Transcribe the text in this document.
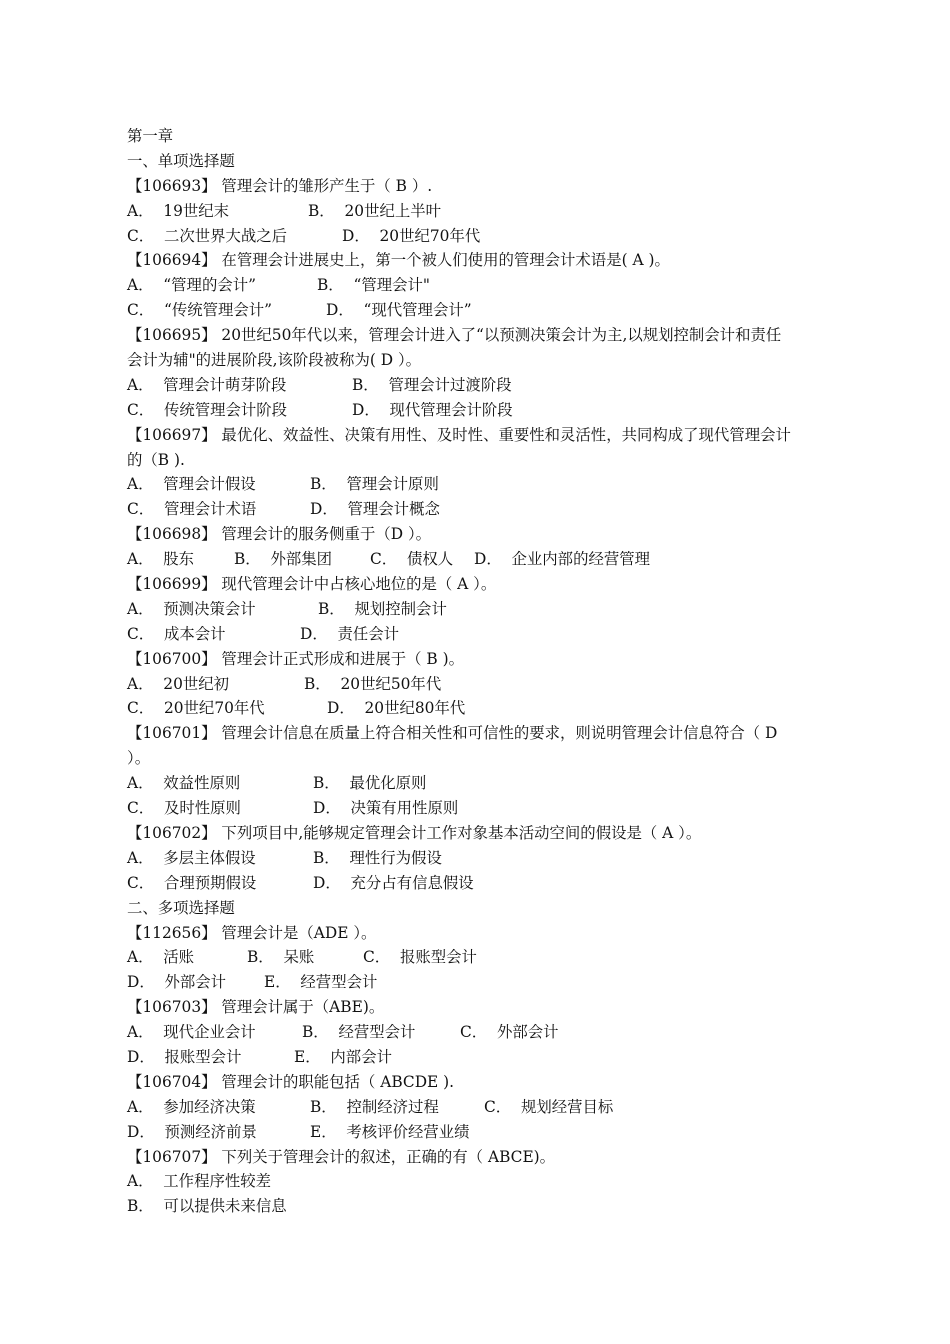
第一章
一、单项选择题
【106693】 管理会计的雏形产生于（ B ）.
A．  19世纪末	B．  20世纪上半叶
C．  二次世界大战之后	D．  20世纪70年代
【106694】 在管理会计进展史上，第一个被人们使用的管理会计术语是( A )。
A．  “管理的会计”	B．  “管理会计"
C．  “传统管理会计”	D．  “现代管理会计”
【106695】 20世纪50年代以来，管理会计进入了“以预测决策会计为主,以规划控制会计和责任
会计为辅"的进展阶段,该阶段被称为( D ）。
A．  管理会计萌芽阶段	B．  管理会计过渡阶段
C．  传统管理会计阶段	D．  现代管理会计阶段
【106697】 最优化、效益性、决策有用性、及时性、重要性和灵活性，共同构成了现代管理会计
的（B ).
A．  管理会计假设	B．  管理会计原则
C．  管理会计术语	D．  管理会计概念
【106698】 管理会计的服务侧重于（D ）。
A．  股东	B．  外部集团 C．  债权人 D．  企业内部的经营管理
【106699】 现代管理会计中占核心地位的是（ A ）。
A．  预测决策会计	B．  规划控制会计
C．  成本会计	D．  责任会计
【106700】 管理会计正式形成和进展于（ B )。
A．  20世纪初	B．  20世纪50年代
C．  20世纪70年代	D．  20世纪80年代
【106701】 管理会计信息在质量上符合相关性和可信性的要求，则说明管理会计信息符合（ D
）。
A．  效益性原则	B．  最优化原则
C．  及时性原则	D．  决策有用性原则
【106702】 下列项目中,能够规定管理会计工作对象基本活动空间的假设是（ A ）。
A．  多层主体假设	B．  理性行为假设
C．  合理预期假设	D．  充分占有信息假设
二、多项选择题
【112656】 管理会计是（ADE ）。
A．  活账	B．  呆账	C．  报账型会计
D．  外部会计 E．  经营型会计
【106703】 管理会计属于（ABE)。
A．  现代企业会计	B．  经营型会计	C．  外部会计
D．  报账型会计	E．  内部会计
【106704】 管理会计的职能包括（ ABCDE ).
A．  参加经济决策	B．  控制经济过程	C．  规划经营目标
D．  预测经济前景	E．  考核评价经营业绩
【106707】 下列关于管理会计的叙述，正确的有（ ABCE)。
A．  工作程序性较差
B．  可以提供未来信息
